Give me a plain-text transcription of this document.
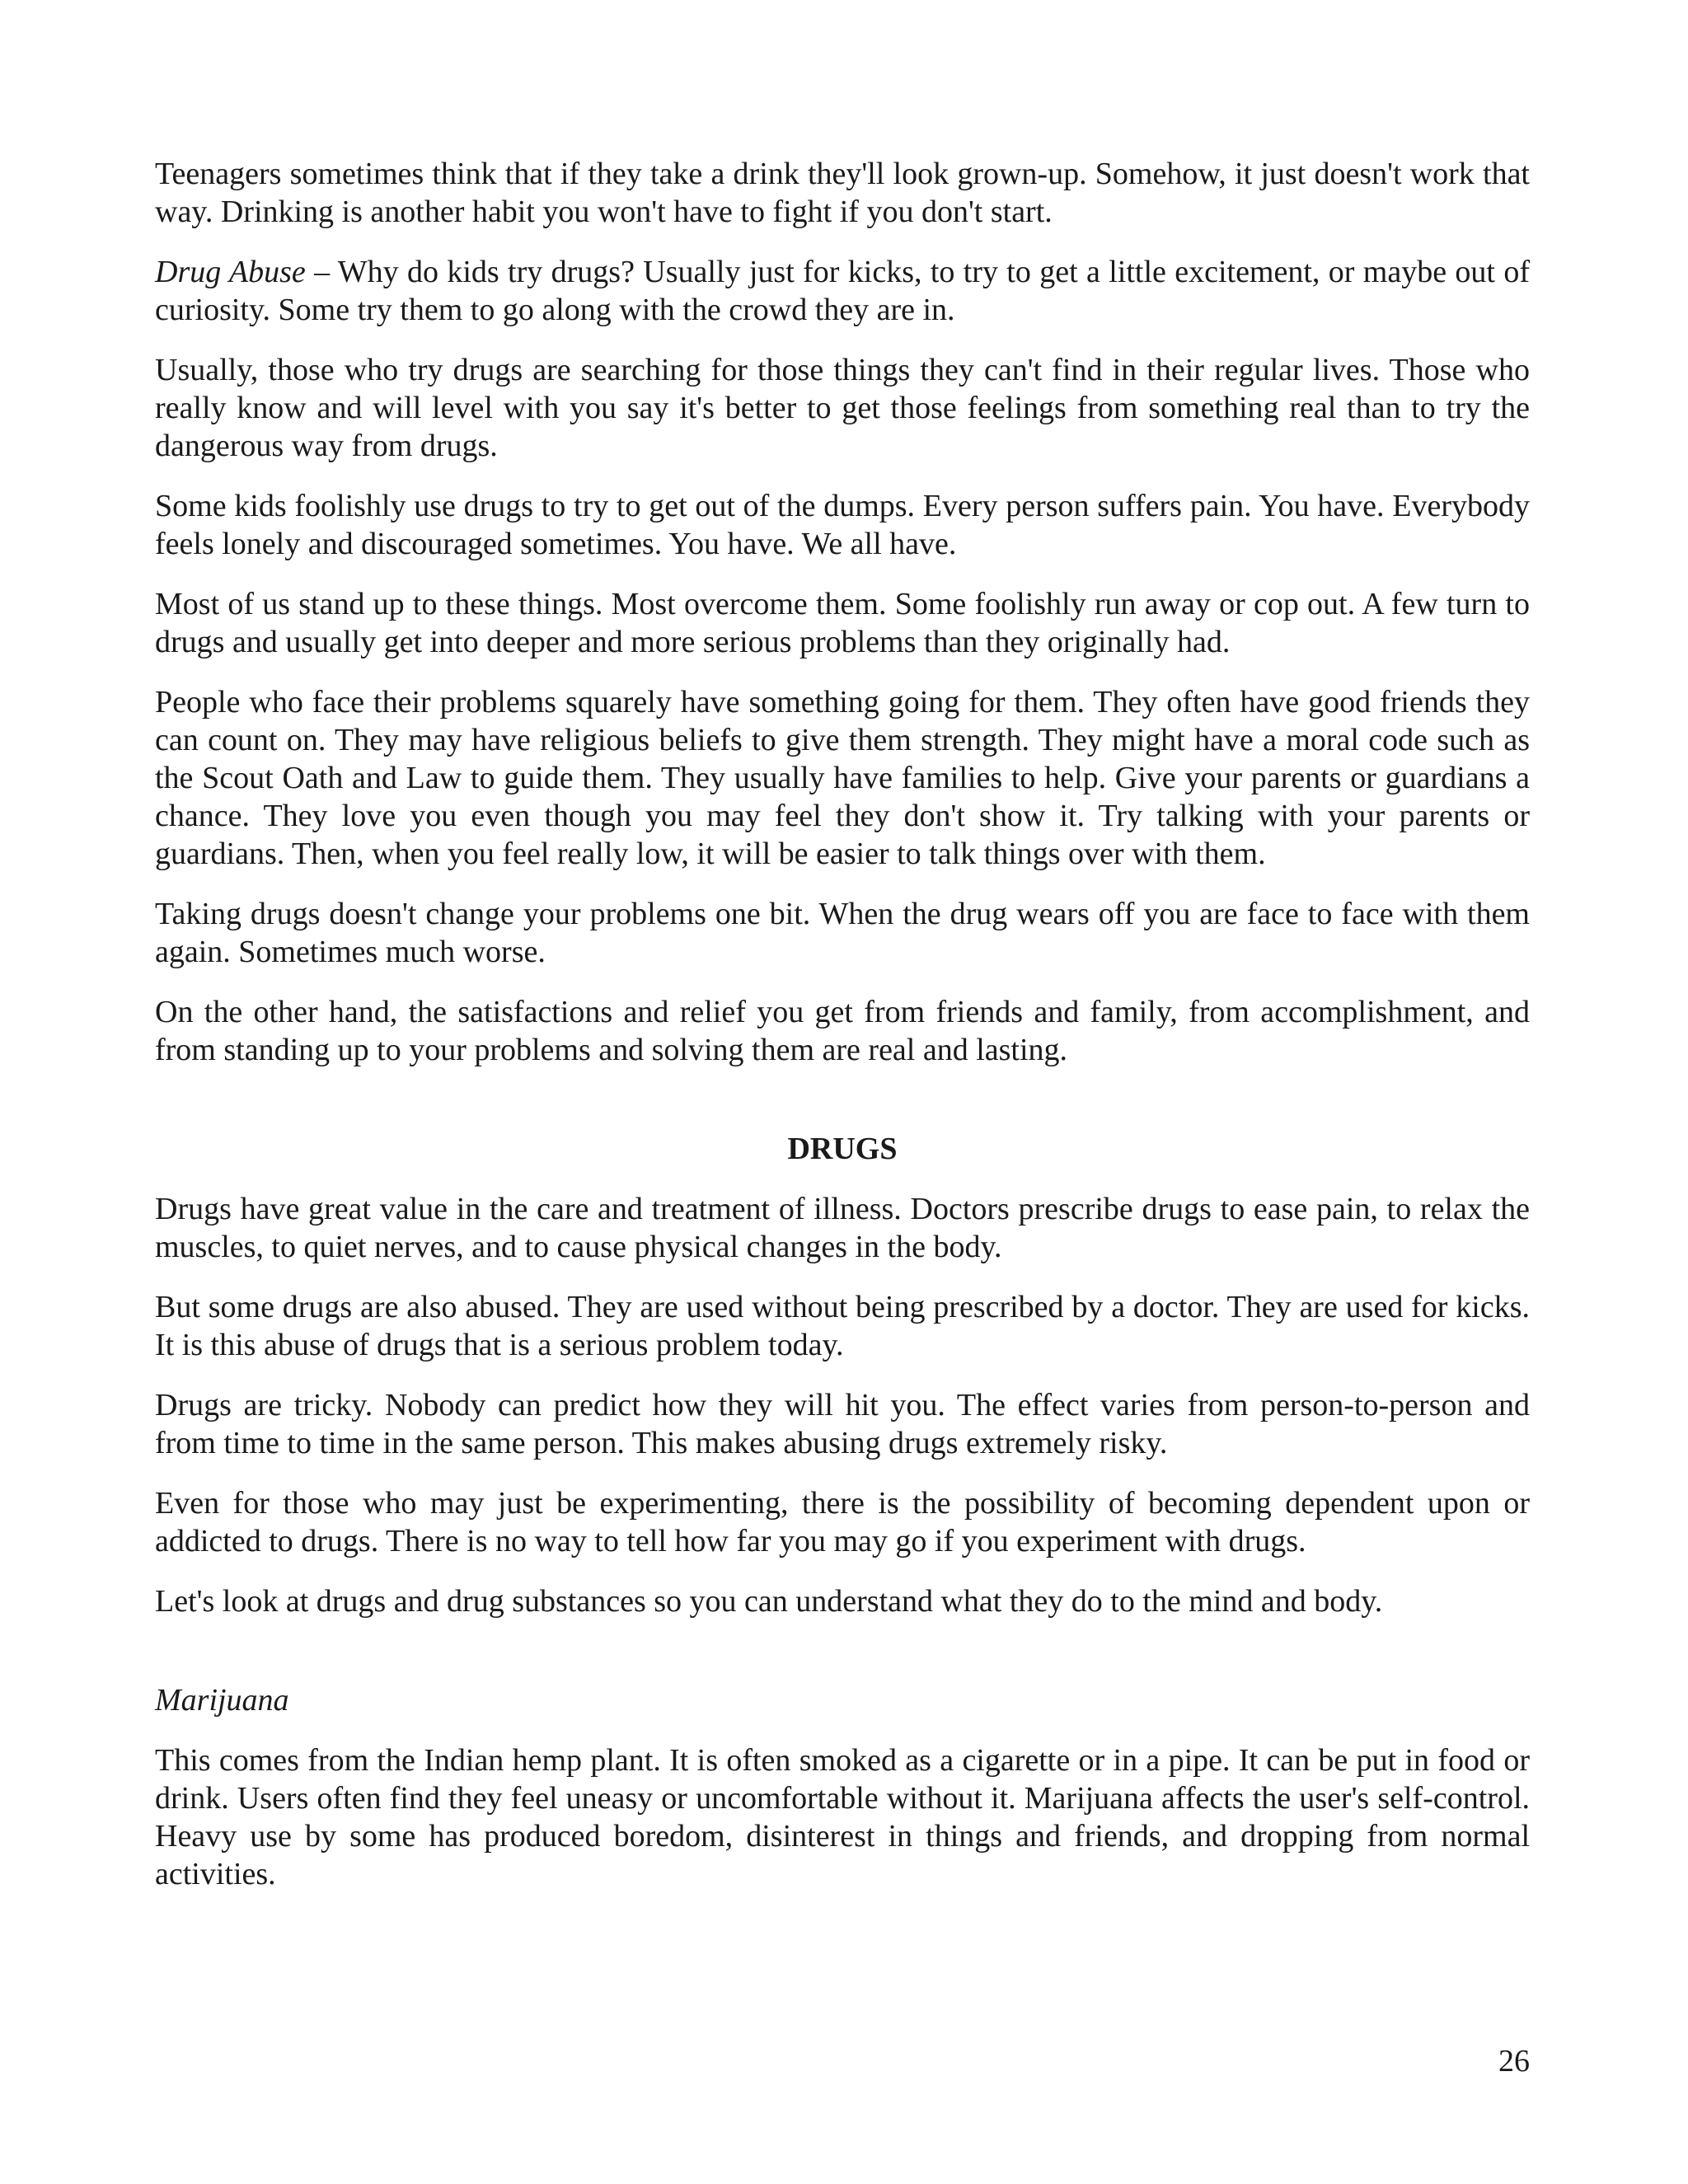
Teenagers sometimes think that if they take a drink they'll look grown-up. Somehow, it just doesn't work that way. Drinking is another habit you won't have to fight if you don't start.

Drug Abuse – Why do kids try drugs? Usually just for kicks, to try to get a little excitement, or maybe out of curiosity. Some try them to go along with the crowd they are in.

Usually, those who try drugs are searching for those things they can't find in their regular lives. Those who really know and will level with you say it's better to get those feelings from something real than to try the dangerous way from drugs.

Some kids foolishly use drugs to try to get out of the dumps. Every person suffers pain. You have. Everybody feels lonely and discouraged sometimes. You have. We all have.

Most of us stand up to these things. Most overcome them. Some foolishly run away or cop out. A few turn to drugs and usually get into deeper and more serious problems than they originally had.

People who face their problems squarely have something going for them. They often have good friends they can count on. They may have religious beliefs to give them strength. They might have a moral code such as the Scout Oath and Law to guide them. They usually have families to help. Give your parents or guardians a chance. They love you even though you may feel they don't show it. Try talking with your parents or guardians. Then, when you feel really low, it will be easier to talk things over with them.

Taking drugs doesn't change your problems one bit. When the drug wears off you are face to face with them again. Sometimes much worse.

On the other hand, the satisfactions and relief you get from friends and family, from accomplishment, and from standing up to your problems and solving them are real and lasting.

DRUGS

Drugs have great value in the care and treatment of illness. Doctors prescribe drugs to ease pain, to relax the muscles, to quiet nerves, and to cause physical changes in the body.

But some drugs are also abused. They are used without being prescribed by a doctor. They are used for kicks. It is this abuse of drugs that is a serious problem today.

Drugs are tricky. Nobody can predict how they will hit you. The effect varies from person-to-person and from time to time in the same person. This makes abusing drugs extremely risky.

Even for those who may just be experimenting, there is the possibility of becoming dependent upon or addicted to drugs. There is no way to tell how far you may go if you experiment with drugs.

Let's look at drugs and drug substances so you can understand what they do to the mind and body.

Marijuana

This comes from the Indian hemp plant. It is often smoked as a cigarette or in a pipe. It can be put in food or drink. Users often find they feel uneasy or uncomfortable without it. Marijuana affects the user's self-control. Heavy use by some has produced boredom, disinterest in things and friends, and dropping from normal activities.

26
